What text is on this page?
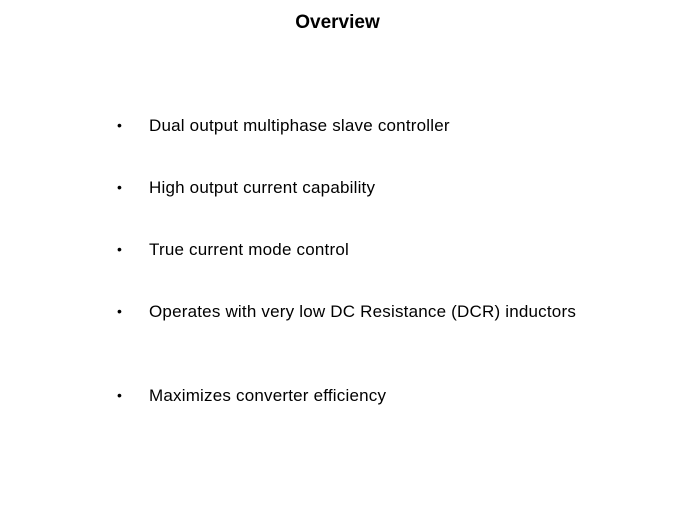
Overview
•	Dual output multiphase slave controller
•	High output current capability
•	True current mode control
•	Operates with very low DC Resistance (DCR) inductors
•	Maximizes converter efficiency
